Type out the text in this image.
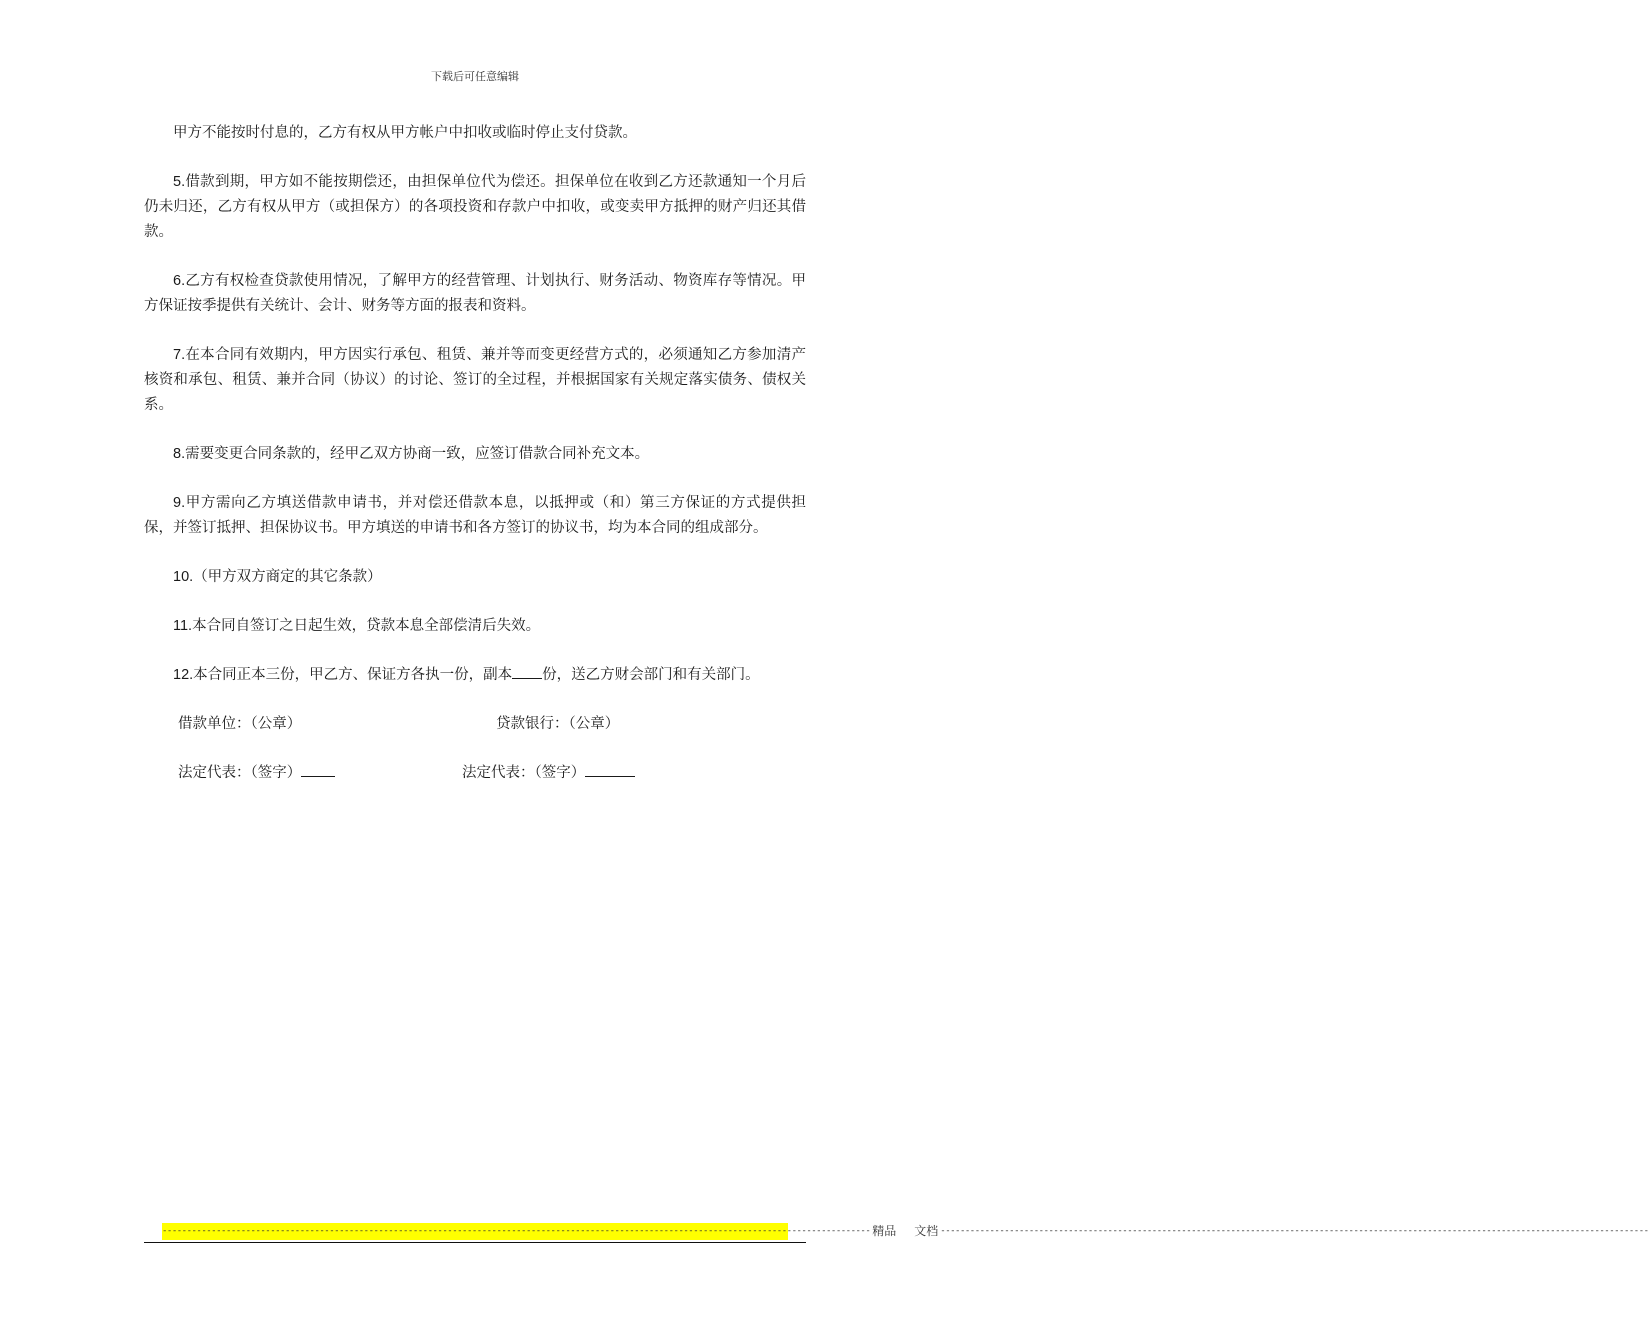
下载后可任意编辑

甲方不能按时付息的，乙方有权从甲方帐户中扣收或临时停止支付贷款。

5.借款到期，甲方如不能按期偿还，由担保单位代为偿还。担保单位在收到乙方还款通知一个月后仍未归还，乙方有权从甲方（或担保方）的各项投资和存款户中扣收，或变卖甲方抵押的财产归还其借款。

6.乙方有权检查贷款使用情况，了解甲方的经营管理、计划执行、财务活动、物资库存等情况。甲方保证按季提供有关统计、会计、财务等方面的报表和资料。

7.在本合同有效期内，甲方因实行承包、租赁、兼并等而变更经营方式的，必须通知乙方参加清产核资和承包、租赁、兼并合同（协议）的讨论、签订的全过程，并根据国家有关规定落实债务、债权关系。

8.需要变更合同条款的，经甲乙双方协商一致，应签订借款合同补充文本。

9.甲方需向乙方填送借款申请书，并对偿还借款本息，以抵押或（和）第三方保证的方式提供担保，并签订抵押、担保协议书。甲方填送的申请书和各方签订的协议书，均为本合同的组成部分。

10.（甲方双方商定的其它条款）

11.本合同自签订之日起生效，贷款本息全部偿清后失效。

12.本合同正本三份，甲乙方、保证方各执一份，副本 份，送乙方财会部门和有关部门。

借款单位：（公章）	贷款银行：（公章）
法定代表：（签字）	法定代表：（签字）
------------------------------------------------------------------------------------------------------------------------------------------------ 精品	文档 ------------------------------------------------------------------------------------------------------------------------------------------------
